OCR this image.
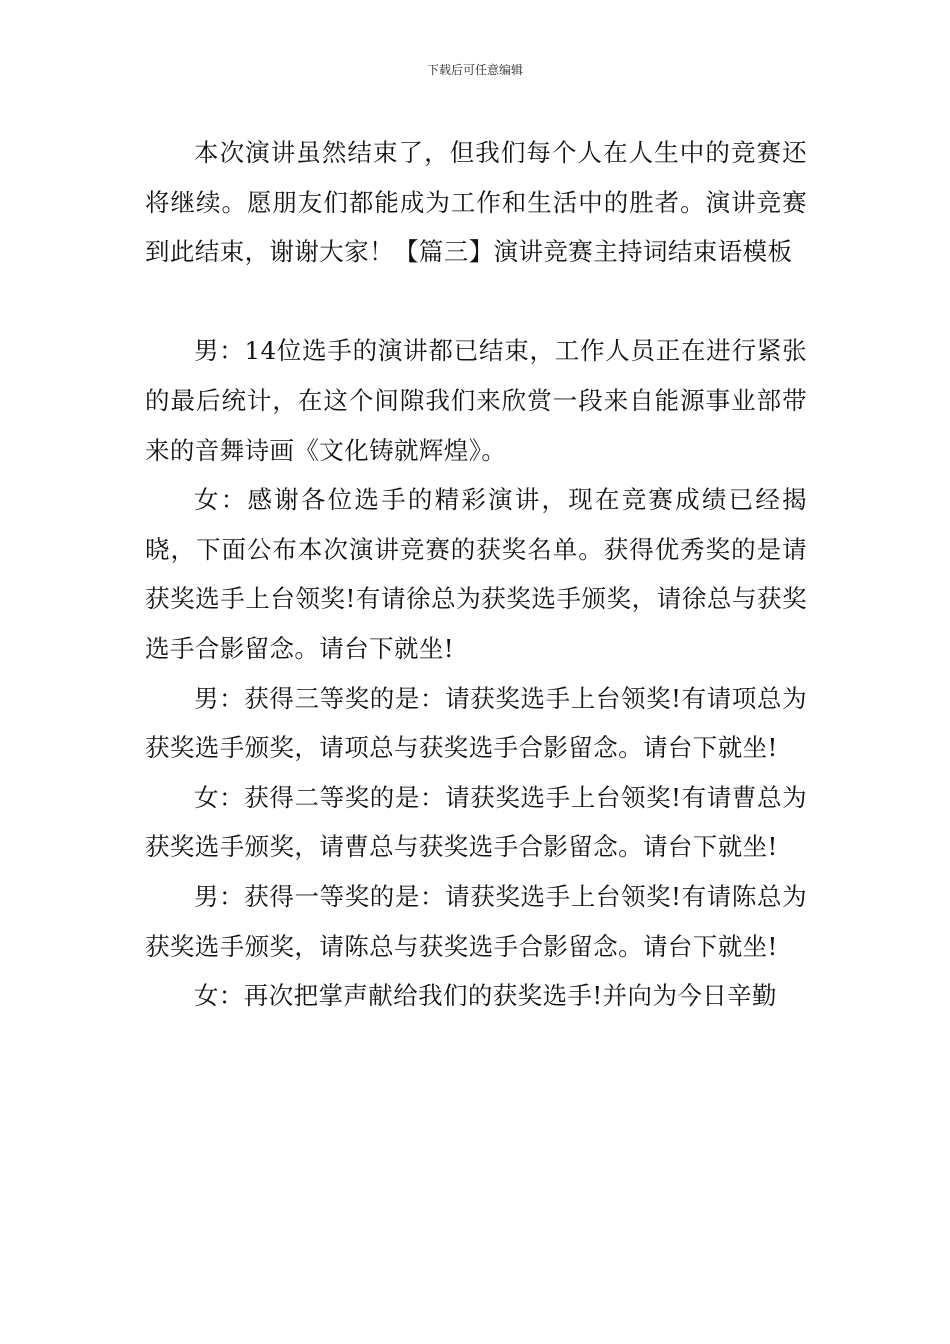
下载后可任意编辑

本次演讲虽然结束了，但我们每个人在人生中的竞赛还将继续。愿朋友们都能成为工作和生活中的胜者。演讲竞赛到此结束，谢谢大家！【篇三】演讲竞赛主持词结束语模板

男：14位选手的演讲都已结束，工作人员正在进行紧张的最后统计，在这个间隙我们来欣赏一段来自能源事业部带来的音舞诗画《文化铸就辉煌》。

女：感谢各位选手的精彩演讲，现在竞赛成绩已经揭晓，下面公布本次演讲竞赛的获奖名单。获得优秀奖的是请获奖选手上台领奖!有请徐总为获奖选手颁奖，请徐总与获奖选手合影留念。请台下就坐!

男：获得三等奖的是：请获奖选手上台领奖!有请项总为获奖选手颁奖，请项总与获奖选手合影留念。请台下就坐!

女：获得二等奖的是：请获奖选手上台领奖!有请曹总为获奖选手颁奖，请曹总与获奖选手合影留念。请台下就坐!

男：获得一等奖的是：请获奖选手上台领奖!有请陈总为获奖选手颁奖，请陈总与获奖选手合影留念。请台下就坐!

女：再次把掌声献给我们的获奖选手!并向为今日辛勤
